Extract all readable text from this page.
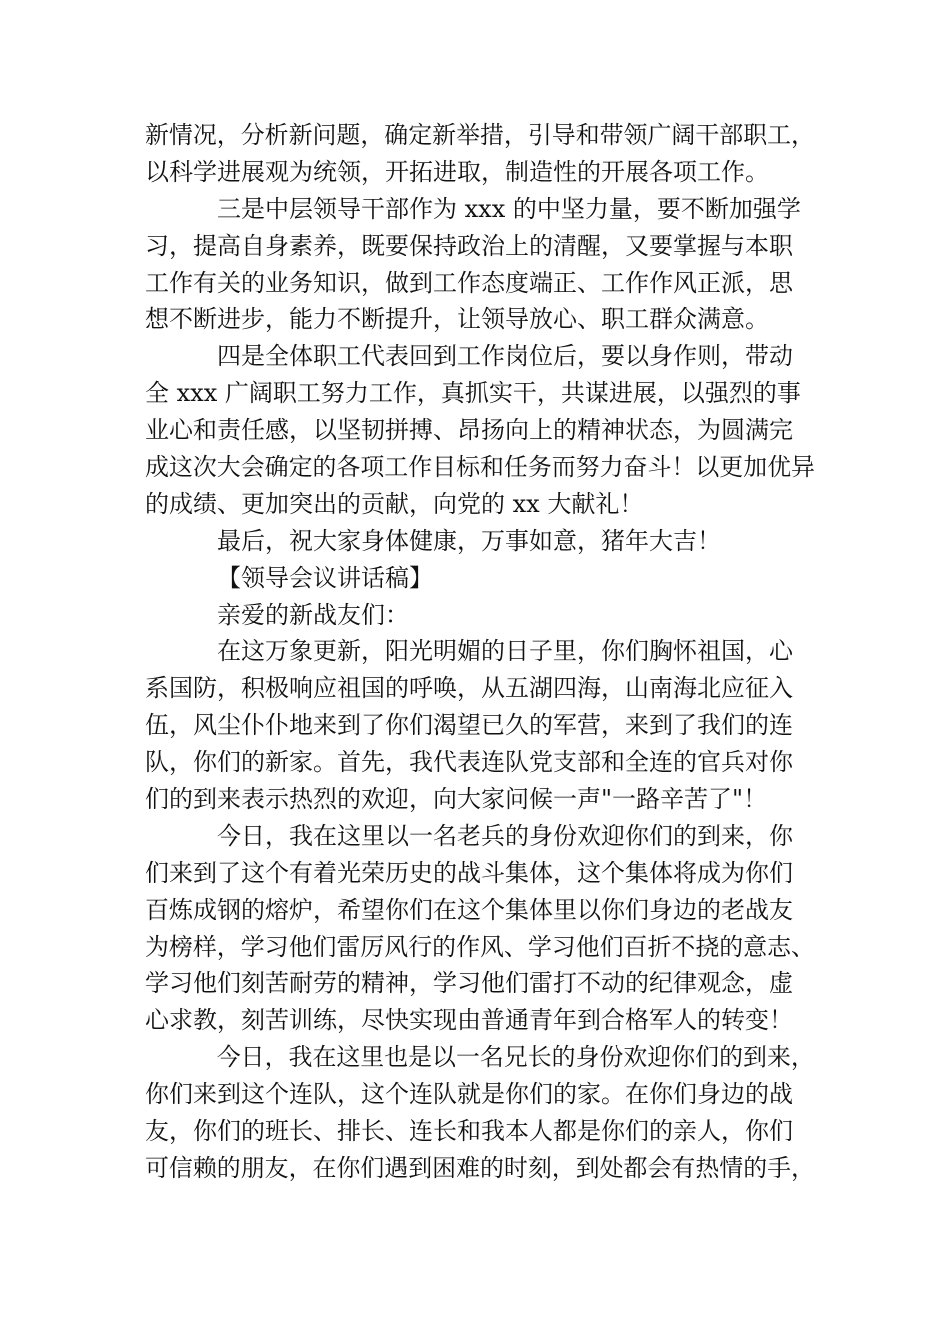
新情况，分析新问题，确定新举措，引导和带领广阔干部职工，
以科学进展观为统领，开拓进取，制造性的开展各项工作。
三是中层领导干部作为 xxx 的中坚力量，要不断加强学
习，提高自身素养，既要保持政治上的清醒，又要掌握与本职
工作有关的业务知识，做到工作态度端正、工作作风正派，思
想不断进步，能力不断提升，让领导放心、职工群众满意。
四是全体职工代表回到工作岗位后，要以身作则，带动
全 xxx 广阔职工努力工作，真抓实干，共谋进展，以强烈的事
业心和责任感，以坚韧拼搏、昂扬向上的精神状态，为圆满完
成这次大会确定的各项工作目标和任务而努力奋斗！以更加优异
的成绩、更加突出的贡献，向党的 xx 大献礼！
最后，祝大家身体健康，万事如意，猪年大吉！
【领导会议讲话稿】
亲爱的新战友们：
在这万象更新，阳光明媚的日子里，你们胸怀祖国，心
系国防，积极响应祖国的呼唤，从五湖四海，山南海北应征入
伍，风尘仆仆地来到了你们渴望已久的军营，来到了我们的连
队，你们的新家。首先，我代表连队党支部和全连的官兵对你
们的到来表示热烈的欢迎，向大家问候一声"一路辛苦了"！
今日，我在这里以一名老兵的身份欢迎你们的到来，你
们来到了这个有着光荣历史的战斗集体，这个集体将成为你们
百炼成钢的熔炉，希望你们在这个集体里以你们身边的老战友
为榜样，学习他们雷厉风行的作风、学习他们百折不挠的意志、
学习他们刻苦耐劳的精神，学习他们雷打不动的纪律观念，虚
心求教，刻苦训练，尽快实现由普通青年到合格军人的转变！
今日，我在这里也是以一名兄长的身份欢迎你们的到来，
你们来到这个连队，这个连队就是你们的家。在你们身边的战
友，你们的班长、排长、连长和我本人都是你们的亲人，你们
可信赖的朋友，在你们遇到困难的时刻，到处都会有热情的手，
